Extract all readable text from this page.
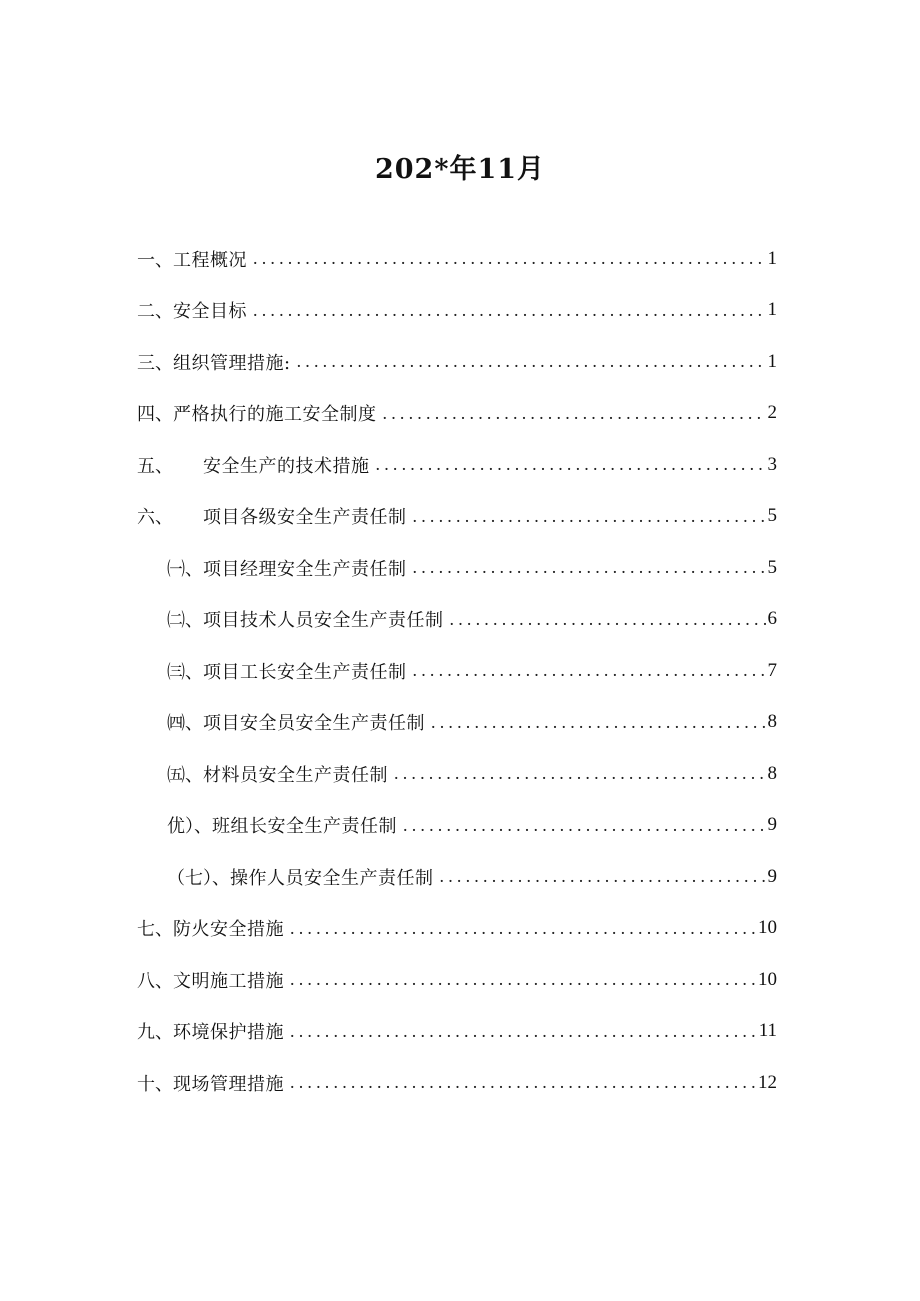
202*年11月
一、 工程概况 .....	1
二、 安全目标 .....	1
三、 组织管理措施: .....	1
四、 严格执行的施工安全制度 .....	2
五、	安全生产的技术措施 .....	3
六、	项目各级安全生产责任制 .....	5
㈠、 项目经理安全生产责任制 .....	5
㈡、 项目技术人员安全生产责任制 .....	6
㈢、 项目工长安全生产责任制 .....	7
㈣、 项目安全员安全生产责任制 .....	8
㈤、 材料员安全生产责任制 .....	8
优）、 班组长安全生产责任制 .....	9
（七）、 操作人员安全生产责任制 .....	9
七、 防火安全措施 .....	10
八、 文明施工措施 .....	10
九、 环境保护措施 .....	11
十、 现场管理措施 .....	12
